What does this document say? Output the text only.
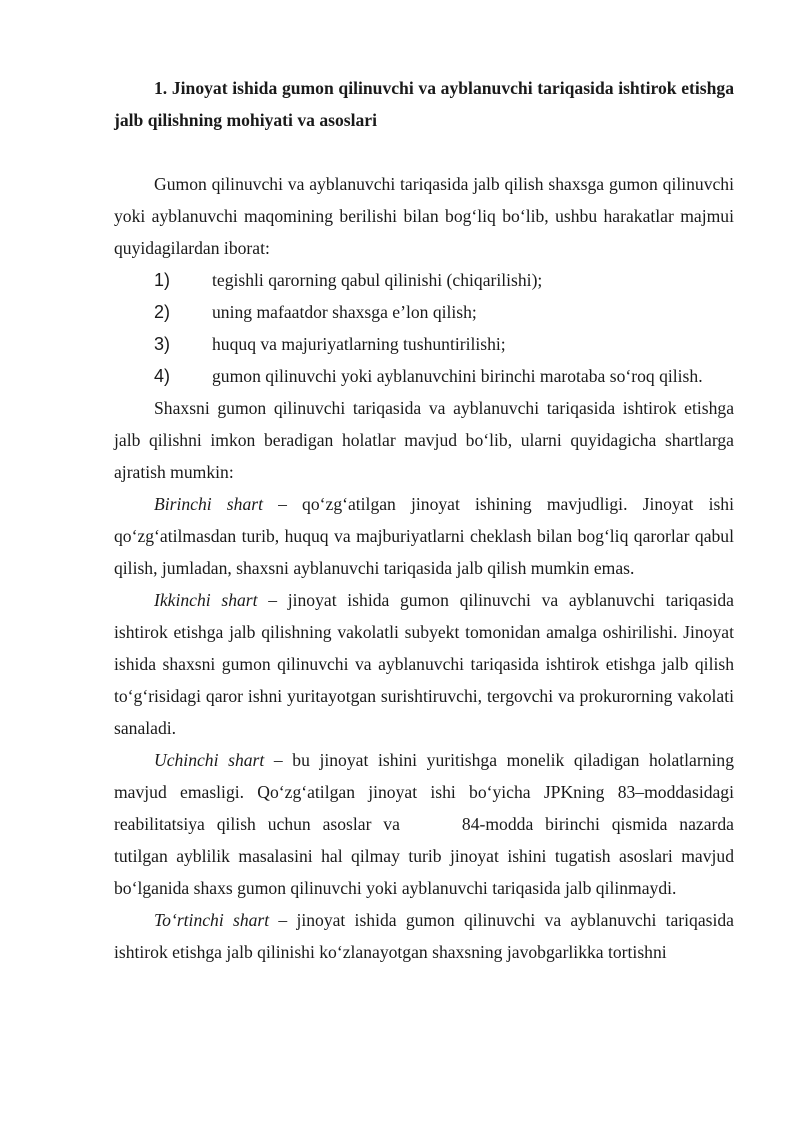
1. Jinoyat ishida gumon qilinuvchi va ayblanuvchi tariqasida ishtirok etishga jalb qilishning mohiyati va asoslari

Gumon qilinuvchi va ayblanuvchi tariqasida jalb qilish shaxsga gumon qilinuvchi yoki ayblanuvchi maqomining berilishi bilan bog‘liq bo‘lib, ushbu harakatlar majmui quyidagilardan iborat:

1) tegishli qarorning qabul qilinishi (chiqarilishi);

2) uning mafaatdor shaxsga e’lon qilish;

3) huquq va majuriyatlarning tushuntirilishi;

4) gumon qilinuvchi yoki ayblanuvchini birinchi marotaba so‘roq qilish.

Shaxsni gumon qilinuvchi tariqasida va ayblanuvchi tariqasida ishtirok etishga jalb qilishni imkon beradigan holatlar mavjud bo‘lib, ularni quyidagicha shartlarga ajratish mumkin:

Birinchi shart – qo‘zg‘atilgan jinoyat ishining mavjudligi. Jinoyat ishi qo‘zg‘atilmasdan turib, huquq va majburiyatlarni cheklash bilan bog‘liq qarorlar qabul qilish, jumladan, shaxsni ayblanuvchi tariqasida jalb qilish mumkin emas.

Ikkinchi shart – jinoyat ishida gumon qilinuvchi va ayblanuvchi tariqasida ishtirok etishga jalb qilishning vakolatli subyekt tomonidan amalga oshirilishi. Jinoyat ishida shaxsni gumon qilinuvchi va ayblanuvchi tariqasida ishtirok etishga jalb qilish to‘g‘risidagi qaror ishni yuritayotgan surishtiruvchi, tergovchi va prokurorning vakolati sanaladi.

Uchinchi shart – bu jinoyat ishini yuritishga monelik qiladigan holatlarning mavjud emasligi. Qo‘zg‘atilgan jinoyat ishi bo‘yicha JPKning 83–moddasidagi reabilitatsiya qilish uchun asoslar va	84-modda birinchi qismida nazarda tutilgan ayblilik masalasini hal qilmay turib jinoyat ishini tugatish asoslari mavjud bo‘lganida shaxs gumon qilinuvchi yoki ayblanuvchi tariqasida jalb qilinmaydi.

To‘rtinchi shart – jinoyat ishida gumon qilinuvchi va ayblanuvchi tariqasida ishtirok etishga jalb qilinishi ko‘zlanayotgan shaxsning javobgarlikka tortishni
